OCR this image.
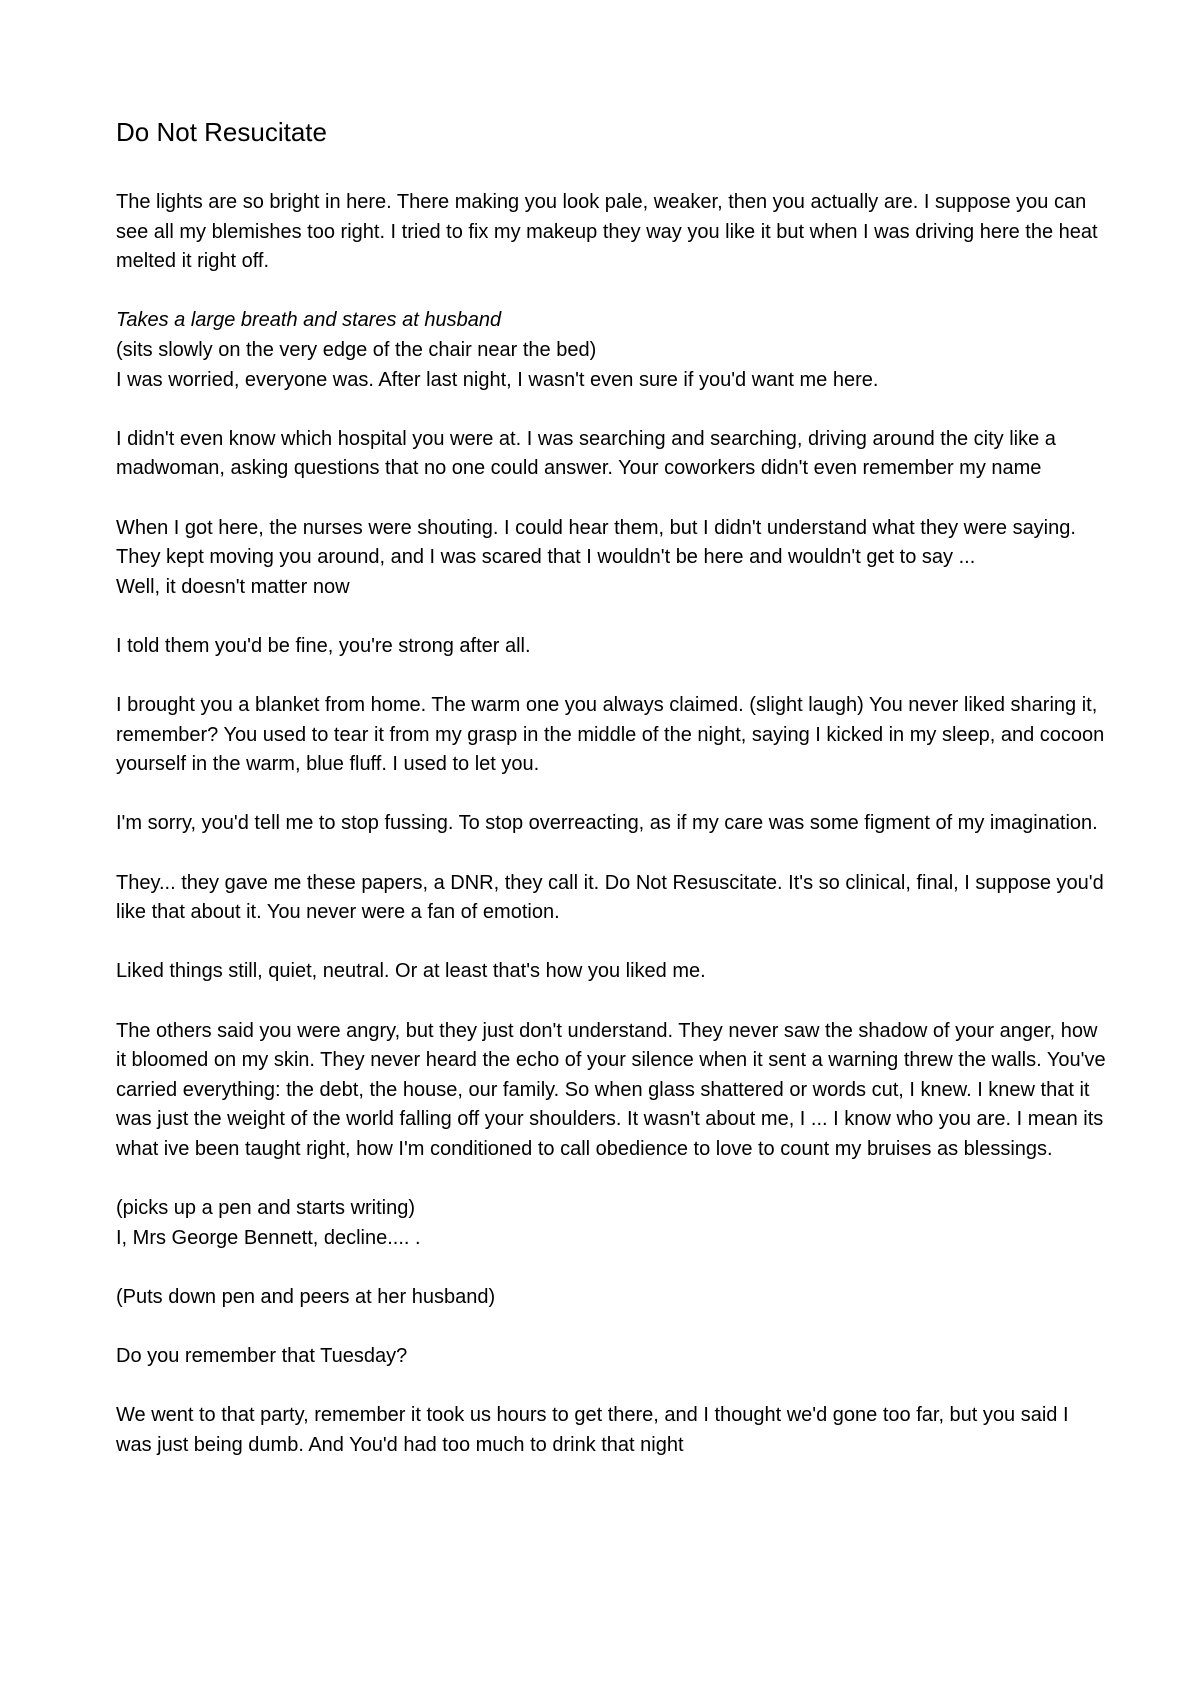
Do Not Resucitate

The lights are so bright in here. There making you look pale, weaker, then you actually are. I suppose you can see all my blemishes too right. I tried to fix my makeup they way you like it but when I was driving here the heat melted it right off.

Takes a large breath and stares at husband

(sits slowly on the very edge of the chair near the bed)

I was worried, everyone was. After last night, I wasn't even sure if you'd want me here.

I didn't even know which hospital you were at. I was searching and searching, driving around the city like a madwoman, asking questions that no one could answer. Your coworkers didn't even remember my name

When I got here, the nurses were shouting. I could hear them, but I didn't understand what they were saying. They kept moving you around, and I was scared that I wouldn't be here and wouldn't get to say ...

Well, it doesn't matter now

I told them you'd be fine, you're strong after all.

I brought you a blanket from home. The warm one you always claimed. (slight laugh) You never liked sharing it, remember? You used to tear it from my grasp in the middle of the night, saying I kicked in my sleep, and cocoon yourself in the warm, blue fluff. I used to let you.

I'm sorry, you'd tell me to stop fussing. To stop overreacting, as if my care was some figment of my imagination.

They... they gave me these papers, a DNR, they call it. Do Not Resuscitate. It's so clinical, final, I suppose you'd like that about it. You never were a fan of emotion.

Liked things still, quiet, neutral. Or at least that's how you liked me.

The others said you were angry, but they just don't understand. They never saw the shadow of your anger, how it bloomed on my skin. They never heard the echo of your silence when it sent a warning threw the walls. You've carried everything: the debt, the house, our family. So when glass shattered or words cut, I knew. I knew that it was just the weight of the world falling off your shoulders. It wasn't about me, I ... I know who you are. I mean its what ive been taught right, how I'm conditioned to call obedience to love to count my bruises as blessings.

(picks up a pen and starts writing)

I, Mrs George Bennett, decline.... .

(Puts down pen and peers at her husband)

Do you remember that Tuesday?

We went to that party, remember it took us hours to get there, and I thought we'd gone too far, but you said I was just being dumb. And You'd had too much to drink that night
